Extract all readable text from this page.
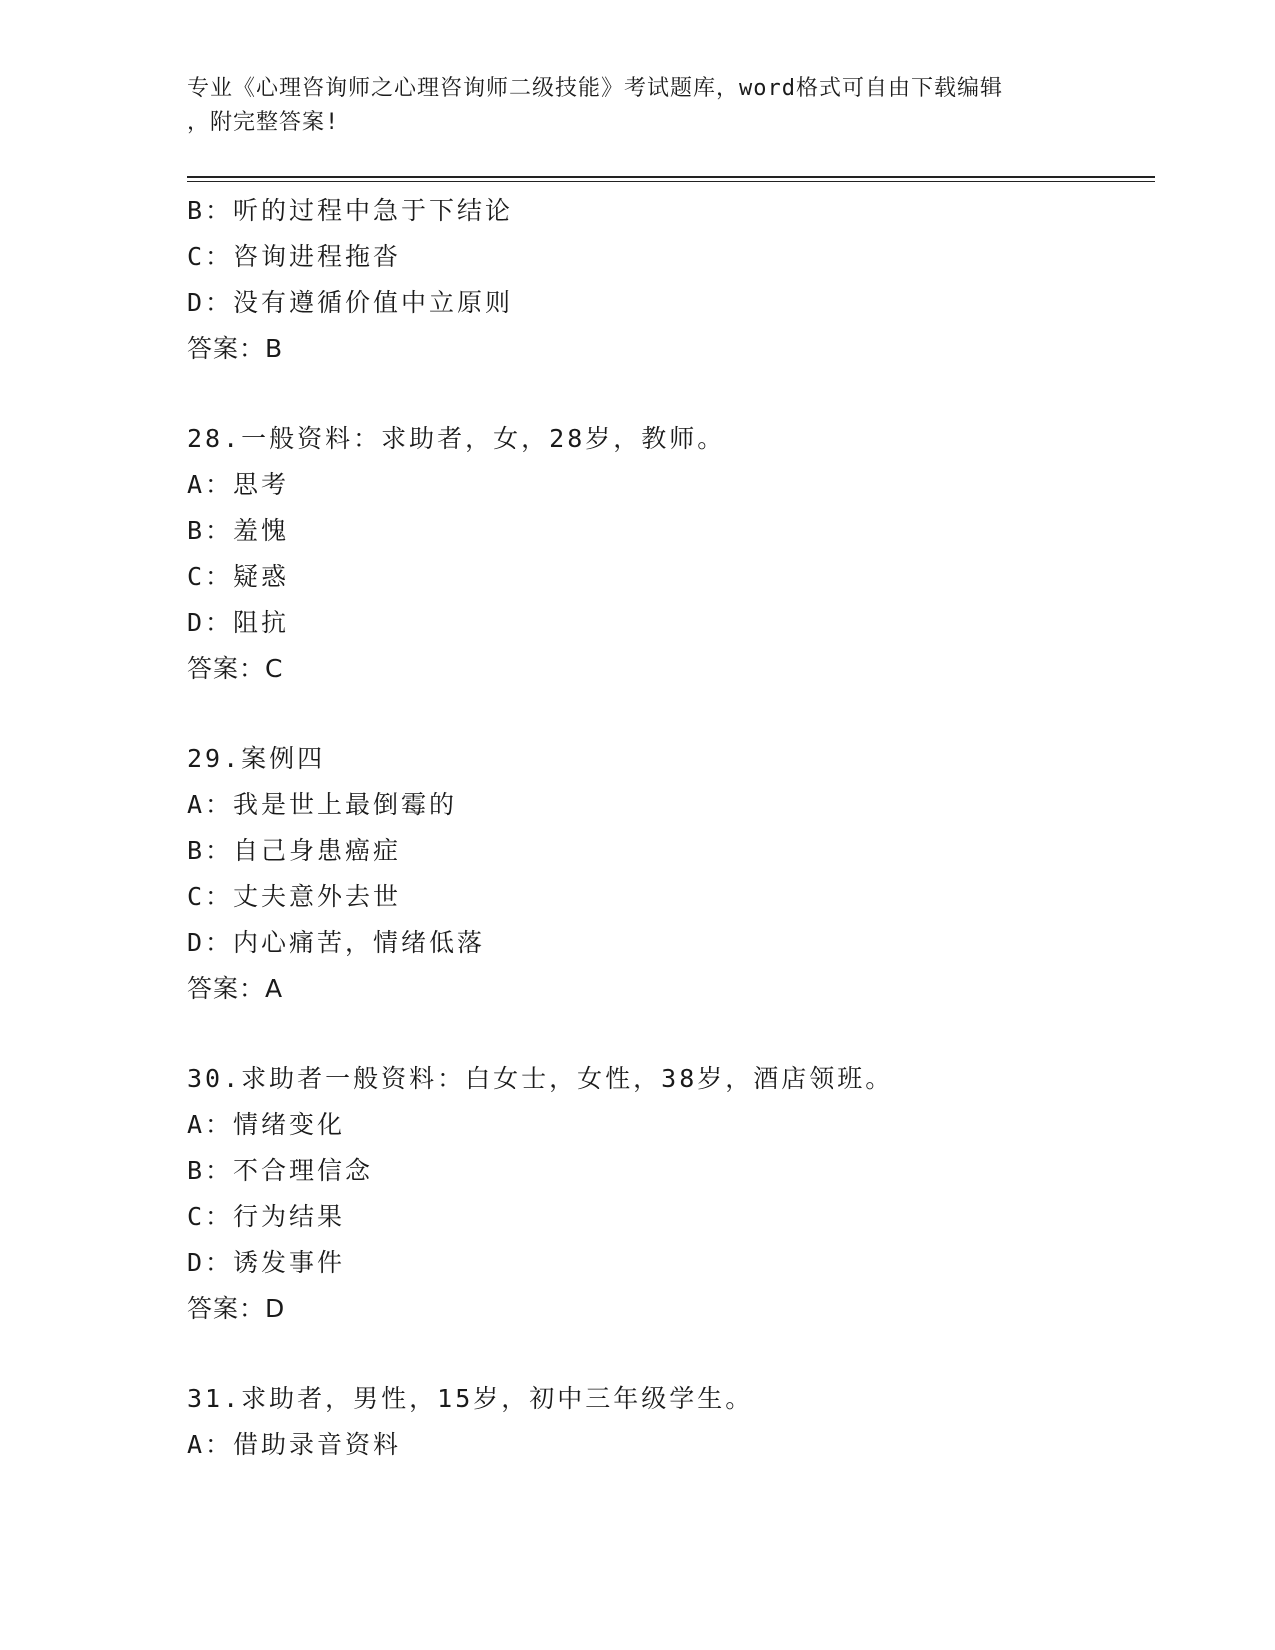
专业《心理咨询师之心理咨询师二级技能》考试题库，word格式可自由下载编辑
，附完整答案!
B：听的过程中急于下结论
C：咨询进程拖沓
D：没有遵循价值中立原则
答案：B
28.一般资料：求助者，女，28岁，教师。
A：思考
B：羞愧
C：疑惑
D：阻抗
答案：C
29.案例四
A：我是世上最倒霉的
B：自己身患癌症
C：丈夫意外去世
D：内心痛苦，情绪低落
答案：A
30.求助者一般资料：白女士，女性，38岁，酒店领班。
A：情绪变化
B：不合理信念
C：行为结果
D：诱发事件
答案：D
31.求助者，男性，15岁，初中三年级学生。
A：借助录音资料
